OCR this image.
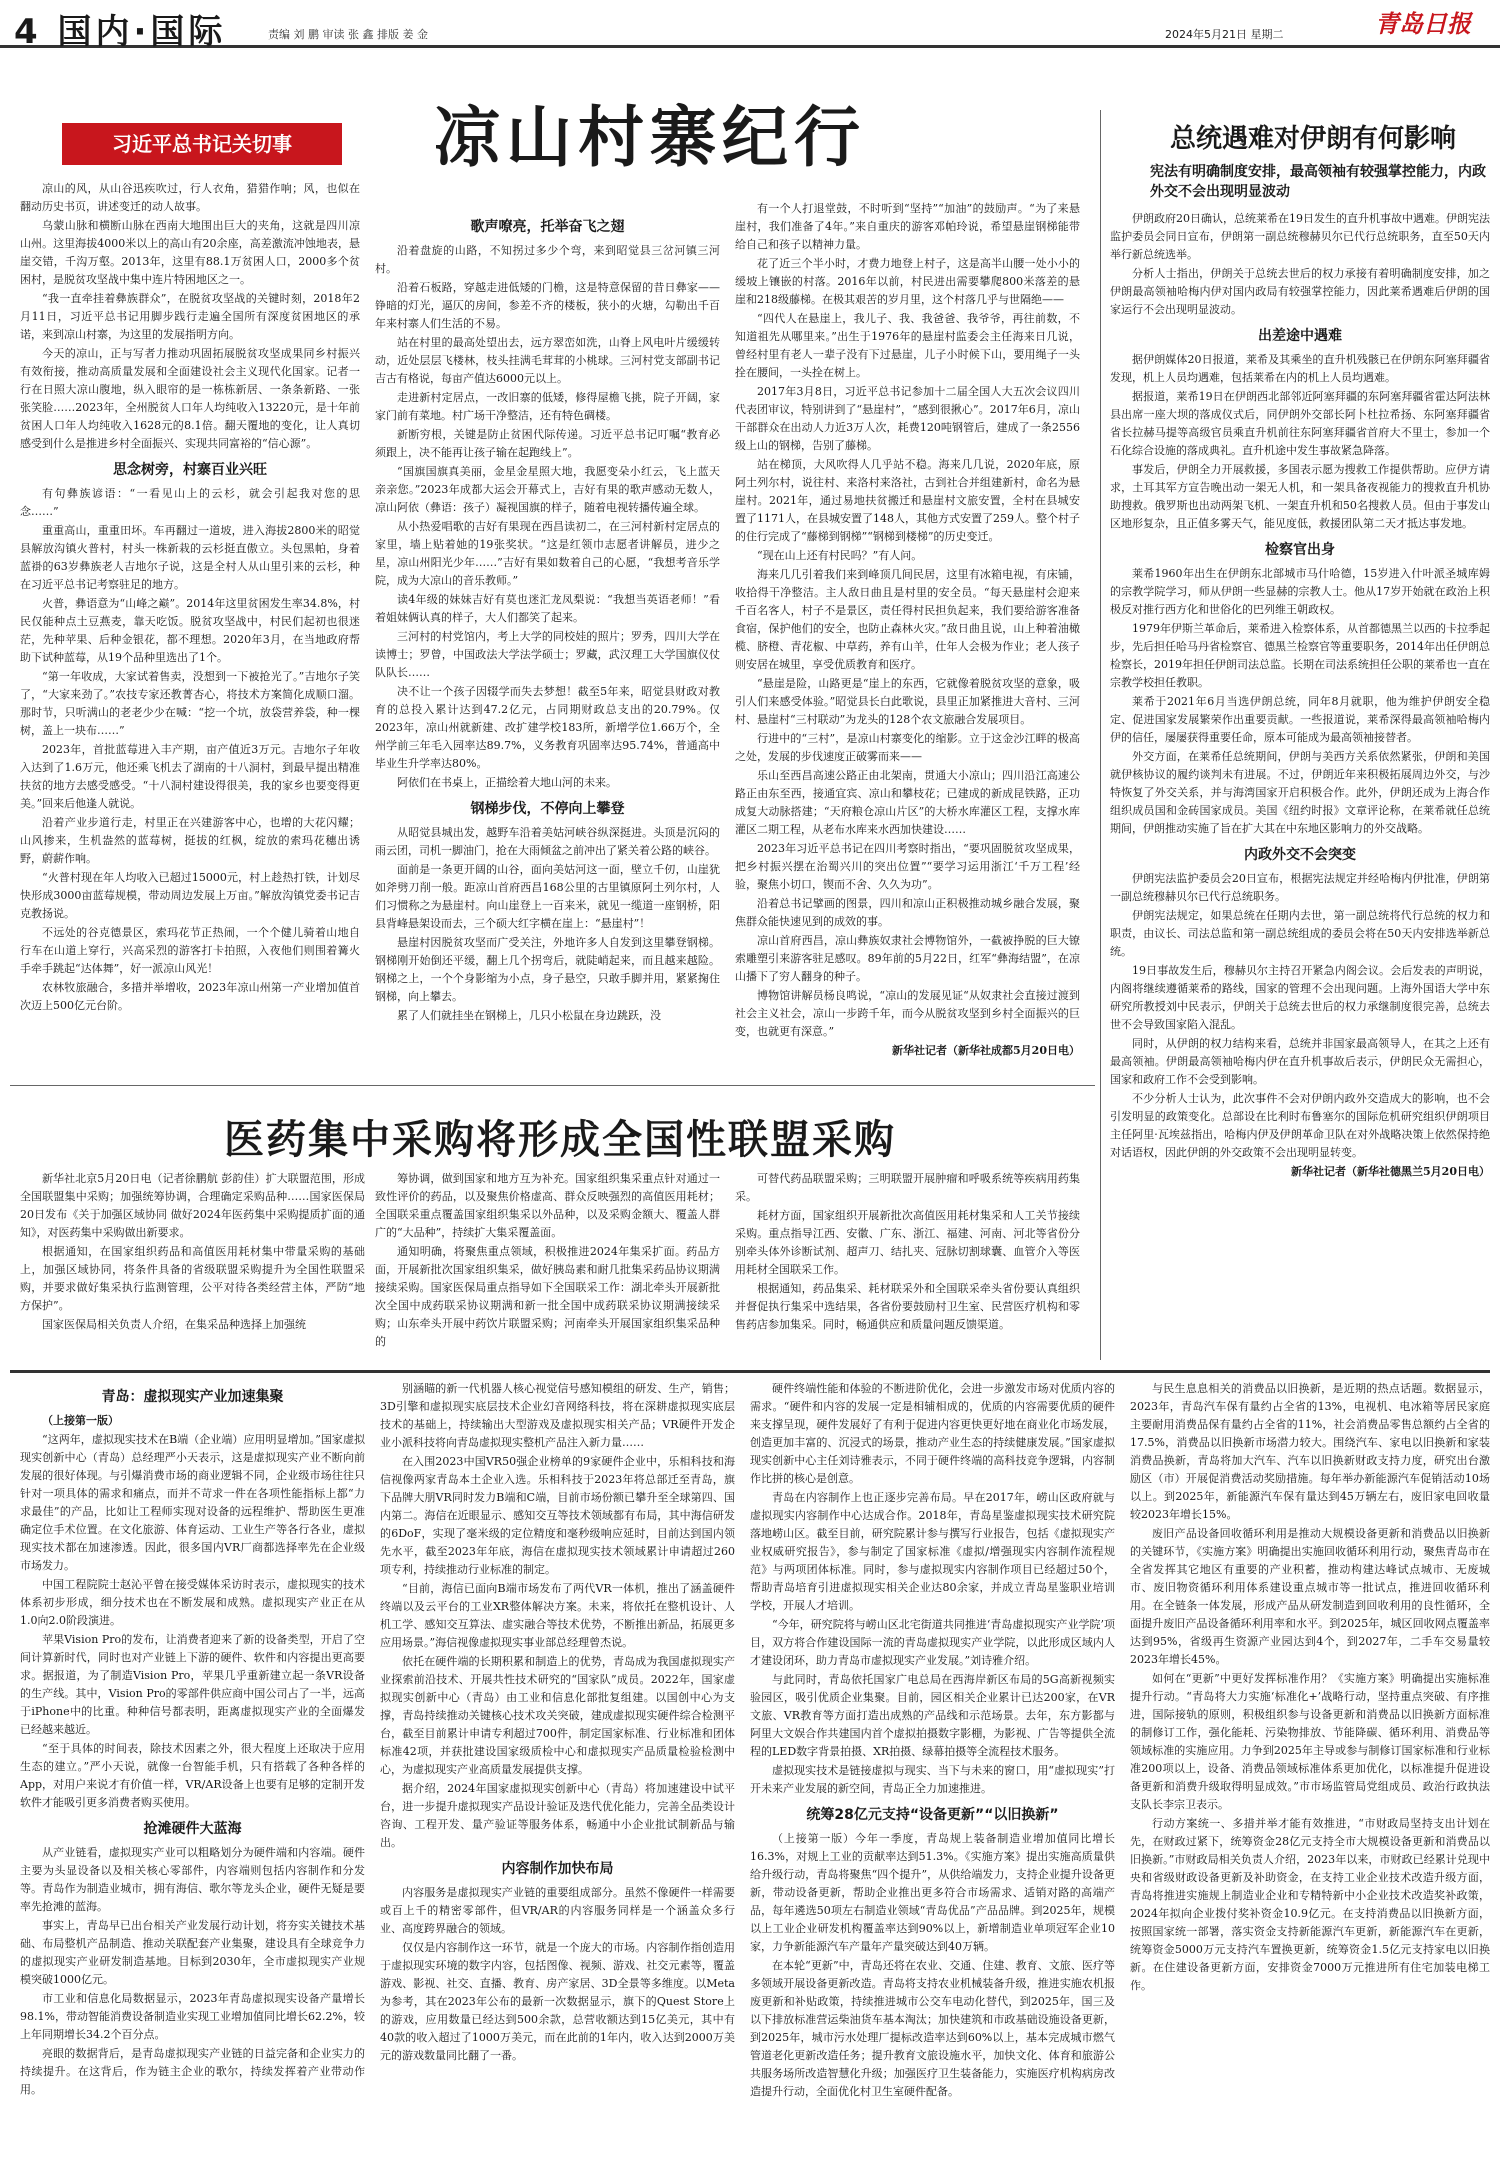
4 国内·国际	责编 刘 鹏 审读 张 鑫 排版 姜 金	2024年5月21日 星期二	青岛日报
习近平总书记关切事	凉山村寨纪行

凉山的风，从山谷迅疾吹过，行人衣角，猎猎作响；风，也似在翻动历史书页，讲述变迁的动人故事。

乌蒙山脉和横断山脉在西南大地围出巨大的夹角，这就是四川凉山州。这里海拔4000米以上的高山有20余座，高差激流冲蚀地表，悬崖交错，千沟万壑。2013年，这里有88.1万贫困人口，2000多个贫困村，是脱贫攻坚战中集中连片特困地区之一。

“我一直牵挂着彝族群众”，在脱贫攻坚战的关键时刻，2018年2月11日，习近平总书记用脚步践行走遍全国所有深度贫困地区的承诺，来到凉山村寨，为这里的发展指明方向。

今天的凉山，正与写者力推动巩固拓展脱贫攻坚成果同乡村振兴有效衔接，推动高质量发展和全面建设社会主义现代化国家。记者一行在日照大凉山腹地，纵入眼帘的是一栋栋新居、一条条新路、一张张笑脸……2023年，全州脱贫人口年人均纯收入13220元，是十年前贫困人口年人均纯收入1628元的8.1倍。翻天覆地的变化，让人真切感受到什么是推进乡村全面振兴、实现共同富裕的“信心源”。

思念树旁，村寨百业兴旺

有句彝族谚语：“一看见山上的云杉，就会引起我对您的思念……”

重重高山，重重田坏。车再翻过一道坡，进入海拔2800米的昭觉县解放沟镇火普村，村头一株新栽的云杉挺直傲立。头包黑帕，身着蓝褂的63岁彝族老人吉地尔子说，这是全村人从山里引来的云杉，种在习近平总书记考察驻足的地方。

火普，彝语意为“山峰之巅”。2014年这里贫困发生率34.8%，村民仅能种点土豆燕麦，靠天吃饭。脱贫攻坚战中，村民们起初也很迷茫，先种苹果、后种金银花，都不理想。2020年3月，在当地政府帮助下试种蓝莓，从19个品种里选出了1个。

“第一年收成，大家试着售卖，没想到一下被抢光了。”吉地尔子笑了，“大家来劲了。”农技专家还教菁杏心，将技术方案简化成顺口溜。那时节，只听满山的老老少少在喊：“挖一个坑，放袋营养袋，种一棵树，盖上一块布……”

2023年，首批蓝莓进入丰产期，亩产值近3万元。吉地尔子年收入达到了1.6万元，他还乘飞机去了湖南的十八洞村，到最早提出精准扶贫的地方去感受感受。“十八洞村建设得很美，我的家乡也要变得更美。”回来后他逢人就说。

沿着产业步道行走，村里正在兴建游客中心，也增的大花闪耀；山风掺来，生机盎然的蓝莓树，挺拔的红枫，绽放的索玛花穗出诱野，蔚薪作响。

“火普村现在年人均收入已超过15000元，村上趁热打铁，计划尽快形成3000亩蓝莓规模，带动周边发展上万亩。”解放沟镇党委书记吉克教扬说。

不远处的谷克德景区，索玛花节正热闹，一个个健儿骑着山地自行车在山道上穿行，兴高采烈的游客打卡拍照，入夜他们则围着篝火手牵手跳起“达体舞”，好一派凉山风光！

农林牧旅融合，多措并举增收，2023年凉山州第一产业增加值首次迈上500亿元台阶。

歌声嘹亮，托举奋飞之翅

沿着盘旋的山路，不知拐过多少个弯，来到昭觉县三岔河镇三河村。

沿着石板路，穿越走进低矮的门檐，这是特意保留的昔日彝家——铮暗的灯光，逼仄的房间，参差不齐的楼板，狭小的火塘，勾勒出千百年来村寨人们生活的不易。

站在村里的最高处望出去，远方翠峦如洗，山脊上风电叶片缓缓转动，近处层层飞楼林，枝头挂满毛茸茸的小桃球。三河村党支部副书记吉古有格说，每亩产值达6000元以上。

走进新村定居点，一改旧寨的低矮，修得屋檐飞挑，院子开阔，家家门前有菜地。村广场干净整洁，还有特色碉楼。

新断穷根，关键是防止贫困代际传递。习近平总书记叮嘱“教育必须跟上，决不能再让孩子输在起跑线上”。

“国旗国旗真美丽，金星金星照大地，我愿变朵小红云，飞上蓝天亲亲您。”2023年成都大运会开幕式上，吉好有果的歌声感动无数人，凉山阿依（彝语：孩子）凝视国旗的样子，随着电视转播传遍全球。

从小热爱唱歌的吉好有果现在西昌读初二，在三河村新村定居点的家里，墙上贴着她的19张奖状。“这是红领巾志愿者讲解员，进少之星，凉山州阳光少年……”吉好有果如数着自己的心愿，“我想考音乐学院，成为大凉山的音乐教师。”

读4年级的妹妹吉好有莫也迷汇龙凤梨说：“我想当英语老师！”看着姐妹俩认真的样子，大人们都笑了起来。

三河村的村党馆内，考上大学的同校娃的照片；罗秀，四川大学在读博士；罗曾，中国政法大学法学硕士；罗藏，武汉理工大学国旗仪仗队队长……

决不让一个孩子因辍学而失去梦想！截至5年来，昭觉县财政对教育的总投入累计达到47.2亿元，占同期财政总支出的20.79%。仅2023年，凉山州就新建、改扩建学校183所，新增学位1.66万个，全州学前三年毛入园率达89.7%，义务教育巩固率达95.74%，普通高中毕业生升学率达80%。

阿依们在书桌上，正描绘着大地山河的未来。

钢梯步伐，不停向上攀登

从昭觉县城出发，越野车沿着美姑河峡谷纵深挺进。头顶是沉闷的雨云团，司机一脚油门，抢在大雨倾盆之前冲出了紧关着公路的峡谷。

面前是一条更开阔的山谷，面向美姑河这一面，壁立千仞，山崖犹如斧劈刀削一般。距凉山首府西昌168公里的古里镇原阿土列尔村，人们习惯称之为悬崖村。向山崖登上一百来米，就见一缆道一座钢桥，阳县背峰悬架设而去，三个硕大红字横在崖上：“悬崖村”！

悬崖村因脱贫攻坚而广受关注，外地许多人自发到这里攀登钢梯。钢梯刚开始倒还平缓，翻上几个拐弯后，就陡峭起来，而且越来越险。钢梯之上，一个个身影缩为小点，身子悬空，只敢手脚并用，紧紧掬住钢梯，向上攀去。

累了人们就挂坐在钢梯上，几只小松鼠在身边跳跃，没

有一个人打退堂鼓，不时听到“坚持”“加油”的鼓励声。“为了来悬崖村，我们准备了4年。”来自重庆的游客邓帕玲说，希望悬崖钢梯能带给自己和孩子以精神力量。

花了近三个半小时，才费力地登上村子，这是高半山腰一处小小的缓坡上镶嵌的村落。2016年以前，村民进出需要攀爬800米落差的悬崖和218级藤梯。在极其艰苦的岁月里，这个村落几乎与世隔绝——

“四代人在悬崖上，我儿子、我、我爸爸、我爷爷，再往前数，不知道祖先从哪里来。”出生于1976年的悬崖村监委会主任海来日几说，曾经村里有老人一辈子没有下过悬崖，儿子小时候下山，要用绳子一头拴在腰间，一头拴在树上。

2017年3月8日，习近平总书记参加十二届全国人大五次会议四川代表团审议，特别讲到了“悬崖村”，“感到很揪心”。2017年6月，凉山干部群众在出动人力近3万人次，耗费120吨钢管后，建成了一条2556级上山的钢梯，告别了藤梯。

站在梯顶，大风吹得人几乎站不稳。海来几几说，2020年底，原阿土列尔村，说往村、来洛村来洛社，古到社合并组建新村，命名为悬崖村。2021年，通过易地扶贫搬迁和悬崖村文旅安置，全村在县城安置了1171人，在县城安置了148人，其他方式安置了259人。整个村子的住行完成了“藤梯到钢梯”“钢梯到楼梯”的历史变迁。

“现在山上还有村民吗？”有人问。

海来几几引着我们来到峰顶几间民居，这里有冰箱电视，有床铺，收拾得干净整洁。主人敌日曲且是村里的安全员。“每天悬崖村会迎来千百名客人，村子不是景区，责任得村民担负起来，我们要给游客准备食宿，保护他们的安全，也防止森林火灾。”敌日曲且说，山上种着油橄榄、脐橙、青花椒、中草药，养有山羊，仕年人会极为作业；老人孩子则安居在城里，享受优质教育和医疗。

“悬崖是险，山路更是“崖上的东西，它就像着脱贫攻坚的意象，吸引人们来感受体验。”昭觉县长白此歌说，县里正加紧推进大音村、三河村、悬崖村“三村联动”为龙头的128个农文旅融合发展项目。

行进中的“三村”，是凉山村寨变化的缩影。立于这金沙江畔的极高之处，发展的步伐速度正破雾而来——

乐山至西昌高速公路正由北架南，贯通大小凉山；四川沿江高速公路正由东至西，接通宜宾、凉山和攀枝花；已建成的新成昆铁路，正功成复大动脉搭建；“天府粮仓凉山片区”的大桥水库灌区工程，支撑水库灌区二期工程，从老布水库来水西加快建设……

2023年习近平总书记在四川考察时指出，“要巩固脱贫攻坚成果，把乡村振兴摆在治蜀兴川的突出位置”“要学习运用浙江‘千万工程’经验，聚焦小切口，锲而不舍、久久为功”。

沿着总书记擘画的图景，四川和凉山正积极推动城乡融合发展，聚焦群众能快速见到的成效的事。

凉山首府西昌，凉山彝族奴隶社会博物馆外，一截被挣脱的巨大镣索雕塑引来游客驻足感叹。89年前的5月22日，红军“彝海结盟”，在凉山播下了穷人翻身的种子。

博物馆讲解员杨良鸣说，“凉山的发展见证“从奴隶社会直接过渡到社会主义社会，凉山一步跨千年，而今从脱贫攻坚到乡村全面振兴的巨变，也就更有深意。”

新华社记者（新华社成都5月20日电）

总统遇难对伊朗有何影响
宪法有明确制度安排，最高领袖有较强掌控能力，内政外交不会出现明显波动

伊朗政府20日确认，总统莱希在19日发生的直升机事故中遇难。伊朗宪法监护委员会同日宣布，伊朗第一副总统穆赫贝尔已代行总统职务，直至50天内举行新总统选举。

分析人士指出，伊朗关于总统去世后的权力承接有着明确制度安排，加之伊朗最高领袖哈梅内伊对国内政局有较强掌控能力，因此莱希遇难后伊朗的国家运行不会出现明显波动。

出差途中遇难

据伊朗媒体20日报道，莱希及其乘坐的直升机残骸已在伊朗东阿塞拜疆省发现，机上人员均遇难，包括莱希在内的机上人员均遇难。

据报道，莱希19日在伊朗西北部邻近阿塞拜疆的东阿塞拜疆省霍达阿法林县出席一座大坝的落成仪式后，同伊朗外交部长阿卜杜拉希扬、东阿塞拜疆省省长拉赫马提等高级官员乘直升机前往东阿塞拜疆省首府大不里士，参加一个石化综合设施的落成典礼。直升机途中发生事故紧急降落。

事发后，伊朗全力开展救援，多国表示愿为搜救工作提供帮助。应伊方请求，土耳其军方宣告晚出动一架无人机，和一架具备夜视能力的搜救直升机协助搜救。俄罗斯也出动两架飞机、一架直升机和50名搜救人员。但由于事发山区地形复杂，且正值多雾天气，能见度低，救援团队第二天才抵达事发地。

检察官出身

莱希1960年出生在伊朗东北部城市马什哈德，15岁进入什叶派圣城库姆的宗教学院学习，师从伊朗一些显赫的宗教人士。他从17岁开始就在政治上积极反对推行西方化和世俗化的巴列维王朝政权。

1979年伊斯兰革命后，莱希进入检察体系，从首都德黑兰以西的卡拉季起步，先后担任哈马丹省检察官、德黑兰检察官等重要职务，2014年出任伊朗总检察长，2019年担任伊朗司法总监。长期在司法系统担任公职的莱希也一直在宗教学校担任教职。

莱希于2021年6月当选伊朗总统，同年8月就职，他为维护伊朗安全稳定、促进国家发展繁荣作出重要贡献。一些报道说，莱希深得最高领袖哈梅内伊的信任，屡屡获得重要任命，原本可能成为最高领袖接替者。

外交方面，在莱希任总统期间，伊朗与美西方关系依然紧张，伊朗和美国就伊核协议的履约谈判未有进展。不过，伊朗近年来积极拓展周边外交，与沙特恢复了外交关系，并与海湾国家开启积极合作。此外，伊朗还成为上海合作组织成员国和金砖国家成员。美国《纽约时报》文章评论称，在莱希就任总统期间，伊朗推动实施了旨在扩大其在中东地区影响力的外交战略。

内政外交不会突变

伊朗宪法监护委员会20日宣布，根据宪法规定并经哈梅内伊批准，伊朗第一副总统穆赫贝尔已代行总统职务。

伊朗宪法规定，如果总统在任期内去世，第一副总统将代行总统的权力和职责，由议长、司法总监和第一副总统组成的委员会将在50天内安排选举新总统。

19日事故发生后，穆赫贝尔主持召开紧急内阁会议。会后发表的声明说，内阁将继续遵循莱希的路线，国家的管理不会出现问题。上海外国语大学中东研究所教授刘中民表示，伊朗关于总统去世后的权力承继制度很完善，总统去世不会导致国家陷入混乱。

同时，从伊朗的权力结构来看，总统并非国家最高领导人，在其之上还有最高领袖。伊朗最高领袖哈梅内伊在直升机事故后表示，伊朗民众无需担心，国家和政府工作不会受到影响。

不少分析人士认为，此次事件不会对伊朗内政外交造成大的影响，也不会引发明显的政策变化。总部设在比利时布鲁塞尔的国际危机研究组织伊朗项目主任阿里·瓦埃兹指出，哈梅内伊及伊朗革命卫队在对外战略决策上依然保持绝对话语权，因此伊朗的外交政策不会出现明显转变。

新华社记者（新华社德黑兰5月20日电）

医药集中采购将形成全国性联盟采购

新华社北京5月20日电（记者徐鹏航 彭韵佳）扩大联盟范围，形成全国联盟集中采购；加强统筹协调，合理确定采购品种……国家医保局20日发布《关于加强区域协同 做好2024年医药集中采购提质扩面的通知》，对医药集中采购做出新要求。

根据通知，在国家组织药品和高值医用耗材集中带量采购的基础上，加强区域协同，将条件具备的省级联盟采购提升为全国性联盟采购，并要求做好集采执行监测管理，公平对待各类经营主体，严防“地方保护”。

国家医保局相关负责人介绍，在集采品种选择上加强统

筹协调，做到国家和地方互为补充。国家组织集采重点针对通过一致性评价的药品，以及聚焦价格虚高、群众反映强烈的高值医用耗材；全国联采重点覆盖国家组织集采以外品种，以及采购金额大、覆盖人群广的“大品种”，持续扩大集采覆盖面。

通知明确，将聚焦重点领域，积极推进2024年集采扩面。药品方面，开展新批次国家组织集采，做好胰岛素和耐几批集采药品协议期满接续采购。国家医保局重点指导如下全国联采工作：湖北牵头开展新批次全国中成药联采协议期满和新一批全国中成药联采协议期满接续采购；山东牵头开展中药饮片联盟采购；河南牵头开展国家组织集采品种的

可替代药品联盟采购；三明联盟开展肿瘤和呼吸系统等疾病用药集采。

耗材方面，国家组织开展新批次高值医用耗材集采和人工关节接续采购。重点指导江西、安徽、广东、浙江、福建、河南、河北等省份分别牵头体外诊断试剂、超声刀、结扎夹、冠脉切割球囊、血管介入等医用耗材全国联采工作。

根据通知，药品集采、耗材联采外和全国联采牵头省份要认真组织并督促执行集采中选结果，各省份要鼓励村卫生室、民营医疗机构和零售药店参加集采。同时，畅通供应和质量问题反馈渠道。

青岛：虚拟现实产业加速集聚

（上接第一版）

“这两年，虚拟现实技术在B端（企业端）应用明显增加。”国家虚拟现实创新中心（青岛）总经理严小天表示，这是虚拟现实产业不断向前发展的很好体现。与引爆消费市场的商业逻辑不同，企业级市场往往只针对一项具体的需求和痛点，而并不苛求一件在各项性能指标上都“力求最佳”的产品，比如让工程师实现对设备的远程维护、帮助医生更准确定位手术位置。在文化旅游、体育运动、工业生产等各行各业，虚拟现实技术都在加速渗透。因此，很多国内VR厂商都选择率先在企业级市场发力。

中国工程院院士赵沁平曾在接受媒体采访时表示，虚拟现实的技术体系初步形成，细分技术也在不断发展和成熟。虚拟现实产业正在从1.0向2.0阶段演进。

苹果Vision Pro的发布，让消费者迎来了新的设备类型，开启了空间计算新时代，同时也对产业链上下游的硬件、软件和内容提出更高要求。据报道，为了制造Vision Pro，苹果几乎重新建立起一条VR设备的生产线。其中，Vision Pro的零部件供应商中国公司占了一半，远高于iPhone中的比重。种种信号都表明，距离虚拟现实产业的全面爆发已经越来越近。

“至于具体的时间表，除技术因素之外，很大程度上还取决于应用生态的建立。”严小天说，就像一台智能手机，只有搭载了各种各样的App，对用户来说才有价值一样，VR/AR设备上也要有足够的定制开发软件才能吸引更多消费者购买使用。

抢滩硬件大蓝海

从产业链看，虚拟现实产业可以粗略划分为硬件端和内容端。硬件主要为头显设备以及相关核心零部件，内容端则包括内容制作和分发等。青岛作为制造业城市，拥有海信、歌尔等龙头企业，硬件无疑是要率先抢滩的蓝海。

事实上，青岛早已出台相关产业发展行动计划，将夯实关键技术基础、布局整机产品制造、推动关联配套产业集聚，建设具有全球竞争力的虚拟现实产业研发制造基地。目标到2030年，全市虚拟现实产业规模突破1000亿元。

市工业和信息化局数据显示，2023年青岛虚拟现实设备产量增长98.1%，带动智能消费设备制造业实现工业增加值同比增长62.2%，较上年同期增长34.2个百分点。

亮眼的数据背后，是青岛虚拟现实产业链的日益完备和企业实力的持续提升。在这背后，作为链主企业的歌尔，持续发挥着产业带动作用。

别涵瞄的新一代机器人核心视觉信号感知模组的研发、生产，销售；3D引擎和虚拟现实底层技术企业幻音网络科技，将在深耕虚拟现实底层技术的基础上，持续输出大型游戏及虚拟现实相关产品；VR硬件开发企业小派科技将向青岛虚拟现实整机产品注入新力量……

在入围2023中国VR50强企业榜单的9家硬件企业中，乐相科技和海信视像两家青岛本土企业入选。乐相科技于2023年将总部迁至青岛，旗下品牌大朋VR同时发力B端和C端，目前市场份额已攀升至全球第四、国内第二。海信在近眼显示、感知交互等技术领域都有布局，其中海信研发的6DoF，实现了毫米级的定位精度和毫秒级响应延时，目前达到国内领先水平，截至2023年年底，海信在虚拟现实技术领域累计申请超过260项专利，持续推动行业标准的制定。

“目前，海信已面向B端市场发布了两代VR一体机，推出了涵盖硬件终端以及云平台的工业XR整体解决方案。未来，将依托在整机设计、人机工学、感知交互算法、虚实融合等技术优势，不断推出新品，拓展更多应用场景。”海信视像虚拟现实事业部总经理曾杰说。

依托在硬件端的长期积累和制造上的优势，青岛成为我国虚拟现实产业探索前沿技术、开展共性技术研究的“国家队”成员。2022年，国家虚拟现实创新中心（青岛）由工业和信息化部批复组建。以国创中心为支撑，青岛持续推动关键核心技术攻关突破，建成虚拟现实硬件综合检测平台，截至目前累计申请专利超过700件，制定国家标准、行业标准和团体标准42项，并获批建设国家级质检中心和虚拟现实产品质量检验检测中心，为虚拟现实产业高质量发展提供支撑。

据介绍，2024年国家虚拟现实创新中心（青岛）将加速建设中试平台，进一步提升虚拟现实产品设计验证及迭代优化能力，完善全品类设计咨询、工程开发、量产验证等服务体系，畅通中小企业批试制新品与输出。

内容制作加快布局

内容服务是虚拟现实产业链的重要组成部分。虽然不像硬件一样需要或百上千的精密零部件，但VR/AR的内容服务同样是一个涵盖众多行业、高度跨界融合的领域。

仅仅是内容制作这一环节，就是一个庞大的市场。内容制作指创造用于虚拟现实环境的数字内容，包括图像、视频、游戏、社交元素等，覆盖游戏、影视、社交、直播、教育、房产家居、3D全景等多维度。以Meta为参考，其在2023年公布的最新一次数据显示，旗下的Quest Store上的游戏，应用数量已经达到500余款，总营收额达到15亿美元，其中有40款的收入超过了1000万美元，而在此前的1年内，收入达到2000万美元的游戏数量同比翻了一番。

硬件终端性能和体验的不断进阶优化，会进一步激发市场对优质内容的需求。“硬件和内容的发展一定是相辅相成的，优质的内容需要优质的硬件来支撑呈现，硬件发展好了有利于促进内容更快更好地在商业化市场发展，创造更加丰富的、沉浸式的场景，推动产业生态的持续健康发展。”国家虚拟现实创新中心主任刘诗雅表示，不同于硬件终端的高科技竞争逻辑，内容制作比拼的核心是创意。

青岛在内容制作上也正逐步完善布局。早在2017年，崂山区政府就与虚拟现实内容制作中心达成合作。2018年，青岛星鉴虚拟现实技术研究院落地崂山区。截至目前，研究院累计参与撰写行业报告，包括《虚拟现实产业权威研究报告》，参与制定了国家标准《虚拟/增强现实内容制作流程规范》与两项团体标准。同时，参与虚拟现实内容制作项目已经超过50个，帮助青岛培育引进虚拟现实相关企业达80余家，并成立青岛星鉴职业培训学校，开展人才培训。

“今年，研究院将与崂山区北宅街道共同推进‘青岛虚拟现实产业学院’项目，双方将合作建设国际一流的青岛虚拟现实产业学院，以此形成区域内人才建设闭环，助力青岛市虚拟现实产业发展。”刘诗雅介绍。

与此同时，青岛依托国家广电总局在西海岸新区布局的5G高新视频实验园区，吸引优质企业集聚。目前，园区相关企业累计已达200家，在VR文旅、VR教育等方面打造出成熟的产品线和示范场景。去年，东方影都与阿里大文娱合作共建国内首个虚拟拍摄数字影棚，为影视、广告等提供全流程的LED数字背景拍摄、XR拍摄、绿幕拍摄等全流程技术服务。

虚拟现实技术是链接虚拟与现实、当下与未来的窗口，用“虚拟现实”打开未来产业发展的新空间，青岛正全力加速推进。

统筹28亿元支持“设备更新”“以旧换新”

（上接第一版）今年一季度，青岛规上装备制造业增加值同比增长16.3%，对规上工业的贡献率达到51.3%。《实施方案》提出实施高质量供给升级行动，青岛将聚焦“四个提升”，从供给端发力，支持企业提升设备更新，带动设备更新，帮助企业推出更多符合市场需求、适销对路的高端产品，每年遴选50项左右制造业领域“青岛优品”产品品牌。到2025年，规模以上工业企业研发机构覆盖率达到90%以上，新增制造业单项冠军企业10家，力争新能源汽车产量年产量突破达到40万辆。

在本轮“更新”中，青岛还将在农业、交通、住建、教育、文旅、医疗等多领域开展设备更新改造。青岛将支持农业机械装备升级，推进实施农机报废更新和补贴政策，持续推进城市公交车电动化替代，到2025年，国三及以下排放标准营运柴油货车基本淘汰；加快建筑和市政基础设施设备更新，到2025年，城市污水处理厂提标改造率达到60%以上，基本完成城市燃气管道老化更新改造任务；提升教育文旅设施水平，加快文化、体育和旅游公共服务场所改造智慧化升级；加强医疗卫生装备能力，实施医疗机构病房改造提升行动，全面优化村卫生室硬件配备。

与民生息息相关的消费品以旧换新，是近期的热点话题。数据显示，2023年，青岛汽车保有量约占全省的13%，电视机、电冰箱等居民家庭主要耐用消费品保有量约占全省的11%，社会消费品零售总额约占全省的17.5%，消费品以旧换新市场潜力较大。围绕汽车、家电以旧换新和家装消费品换新，青岛将加大汽车、汽车以旧换新财政支持力度，研究出台激励区（市）开展促消费活动奖励措施。每年举办新能源汽车促销活动10场以上。到2025年，新能源汽车保有量达到45万辆左右，废旧家电回收量较2023年增长15%。

废旧产品设备回收循环利用是推动大规模设备更新和消费品以旧换新的关键环节，《实施方案》明确提出实施回收循环利用行动，聚焦青岛市在全省发挥其它地区有重要的产业积蓄，推动构建达峰试点城市、无废城市、废旧物资循环利用体系建设重点城市等一批试点，推进回收循环利用。在全链条一体发展，形成产品从研发制造到回收利用的良性循环，全面提升废旧产品设备循环利用率和水平。到2025年，城区回收网点覆盖率达到95%，省级再生资源产业园达到4个，到2027年，二手车交易量较2023年增长45%。

如何在“更新”中更好发挥标准作用？《实施方案》明确提出实施标准提升行动。“青岛将大力实施‘标准化+’战略行动，坚持重点突破、有序推进，国际接轨的原则，积极组织参与设备更新和消费品以旧换新方面标准的制修订工作，强化能耗、污染物排放、节能降碳、循环利用、消费品等领域标准的实施应用。力争到2025年主导或参与制修订国家标准和行业标准200项以上，设备、消费品领域标准体系更加优化，以标准提升促进设备更新和消费升级取得明显成效。”市市场监管局党组成员、政治行政执法支队长李宗卫表示。

行动方案统一、多措并举才能有效推进，“市财政局坚持支出计划在先，在财政过紧下，统筹资金28亿元支持全市大规模设备更新和消费品以旧换新。”市财政局相关负责人介绍，2023年以来，市财政已经累计兑现中央和省级财政设备更新及补助资金，在支持工业企业技术改造升级方面，青岛将推进实施规上制造业企业和专精特新中小企业技术改造奖补政策，2024年拟向企业拨付奖补资金10.9亿元。在支持消费品以旧换新方面，按照国家统一部署，落实资金支持新能源汽车更新，新能源汽车在更新，统筹资金5000万元支持汽车置换更新，统筹资金1.5亿元支持家电以旧换新。在住建设备更新方面，安排资金7000万元推进所有住宅加装电梯工作。
